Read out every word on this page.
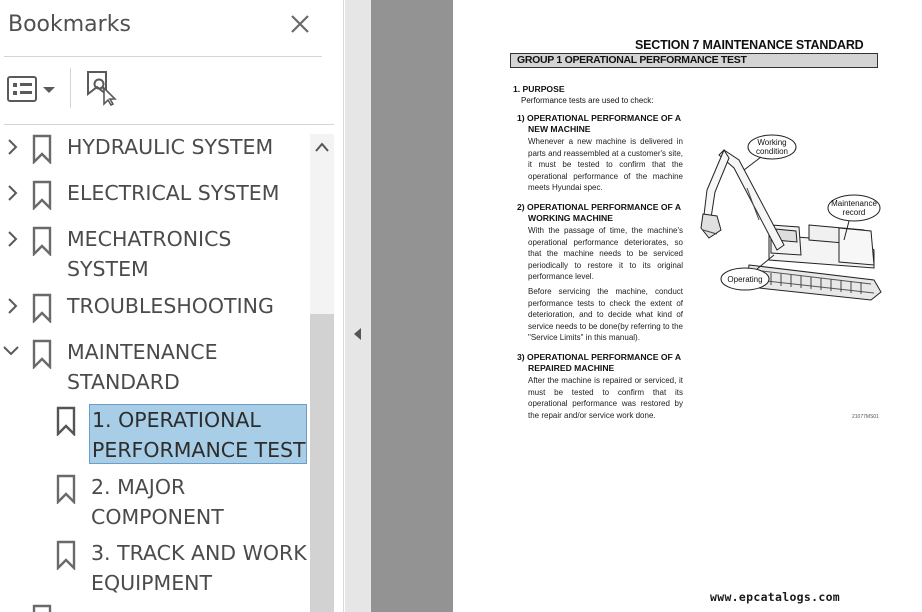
Bookmarks
HYDRAULIC SYSTEM
ELECTRICAL SYSTEM
MECHATRONICS
SYSTEM
TROUBLESHOOTING
MAINTENANCE
STANDARD
1. OPERATIONAL
PERFORMANCE TEST
2. MAJOR
COMPONENT
3. TRACK AND WORK
EQUIPMENT
SECTION 7 MAINTENANCE STANDARD
GROUP 1 OPERATIONAL PERFORMANCE TEST
1. PURPOSE
Performance tests are used to check:
1) OPERATIONAL PERFORMANCE OF A
NEW MACHINE
Whenever a new machine is delivered in parts and reassembled at a customer's site, it must be tested to confirm that the operational performance of the machine meets Hyundai spec.
2) OPERATIONAL PERFORMANCE OF A
WORKING MACHINE
With the passage of time, the machine's operational performance deteriorates, so that the machine needs to be serviced periodically to restore it to its original performance level.
Before servicing the machine, conduct performance tests to check the extent of deterioration, and to decide what kind of service needs to be done(by referring to the "Service Limits" in this manual).
3) OPERATIONAL PERFORMANCE OF A
REPAIRED MACHINE
After the machine is repaired or serviced, it must be tested to confirm that its operational performance was restored by the repair and/or service work done.
Working
condition
Maintenance
record
Operating
21077MS01
www.epcatalogs.com
